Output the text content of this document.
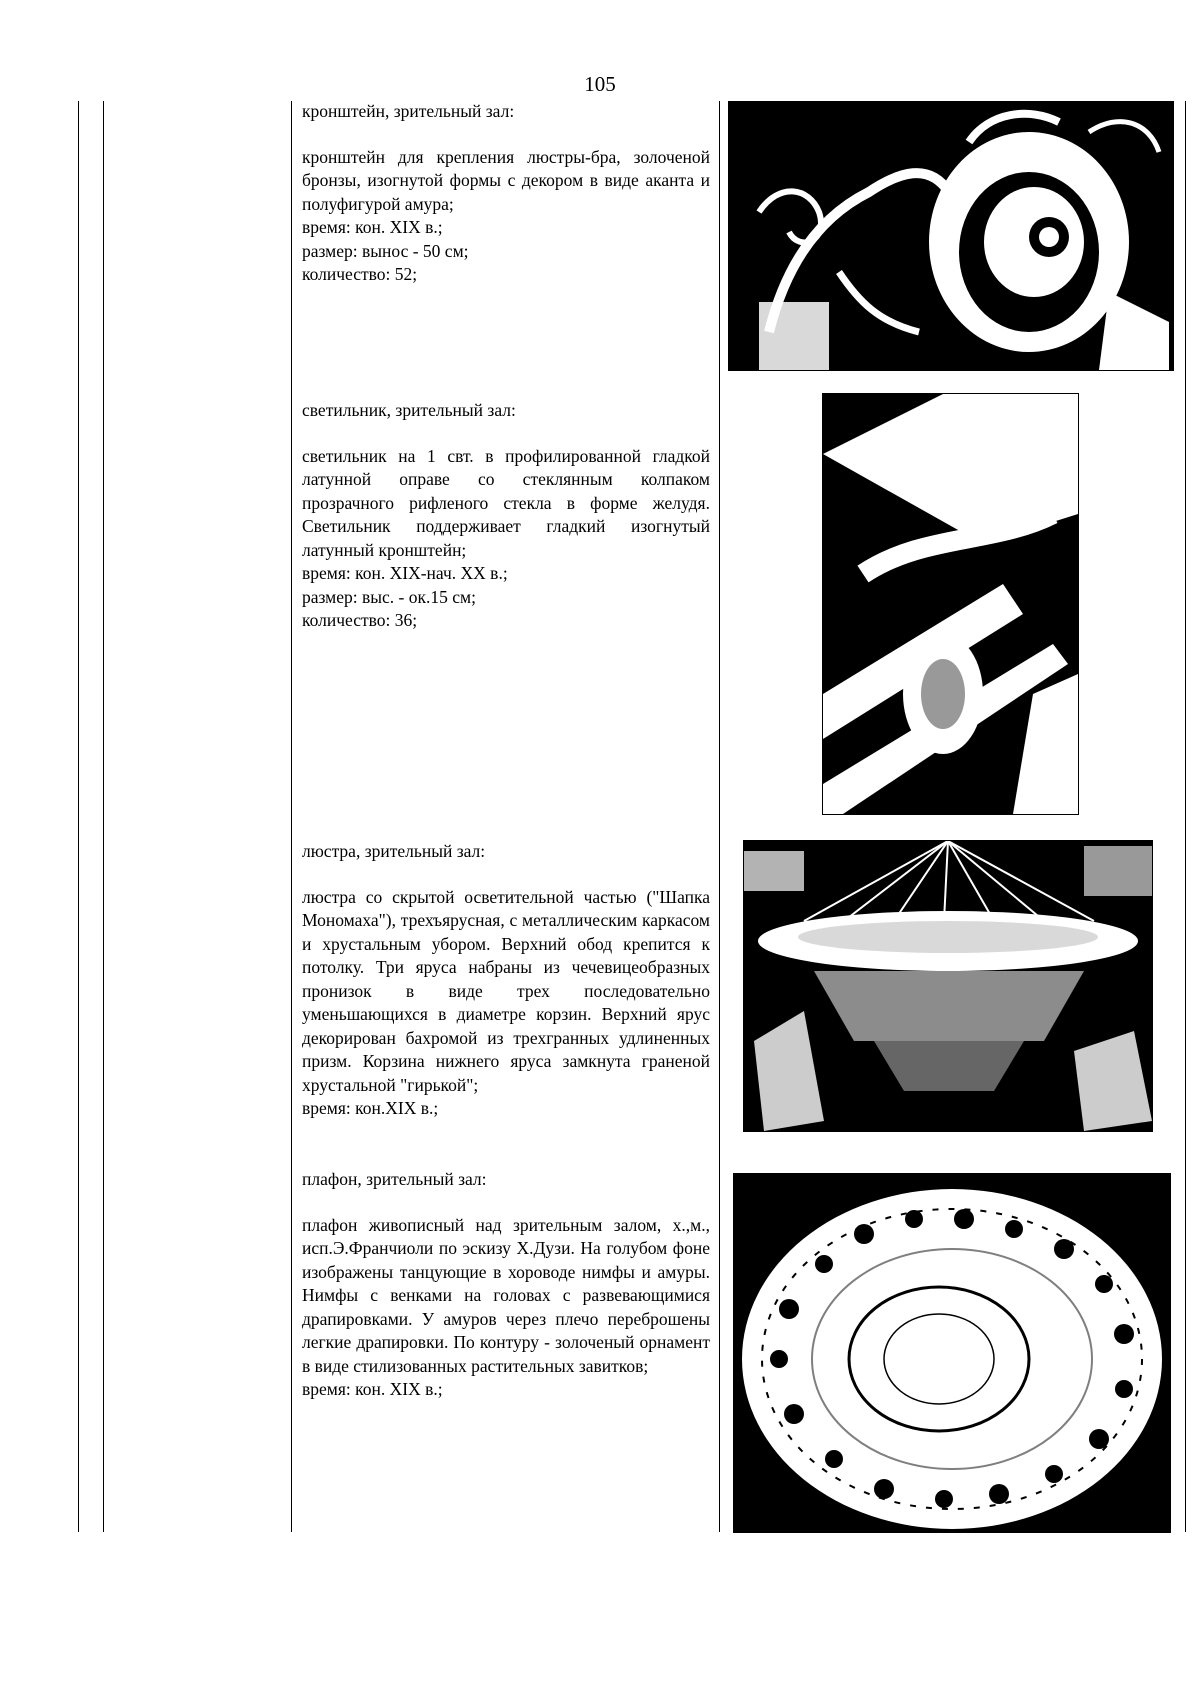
105
кронштейн, зрительный зал:

кронштейн для крепления люстры-бра, золоченой бронзы, изогнутой формы с декором в виде аканта и полуфигурой амура;

время: кон. XIX в.;
размер: вынос - 50 см;
количество: 52;
светильник, зрительный зал:

светильник на 1 свт. в профилированной гладкой латунной оправе со стеклянным колпаком прозрачного рифленого стекла в форме желудя. Светильник поддерживает гладкий изогнутый латунный кронштейн;

время: кон. XIX-нач. XX в.;
размер: выс. - ок.15 см;
количество: 36;
люстра, зрительный зал:

люстра со скрытой осветительной частью ("Шапка Мономаха"), трехъярусная, с металлическим каркасом и хрустальным убором. Верхний обод крепится к потолку. Три яруса набраны из чечевицеобразных пронизок в виде трех последовательно уменьшающихся в диаметре корзин. Верхний ярус декорирован бахромой из трехгранных удлиненных призм. Корзина нижнего яруса замкнута граненой хрустальной "гирькой";

время: кон.XIX в.;
плафон, зрительный зал:

плафон живописный над зрительным залом, х.,м., исп.Э.Франчиоли по эскизу Х.Дузи. На голубом фоне изображены танцующие в хороводе нимфы и амуры. Нимфы с венками на головах с развевающимися драпировками. У амуров через плечо переброшены легкие драпировки. По контуру - золоченый орнамент в виде стилизованных растительных завитков;

время: кон. XIX в.;
